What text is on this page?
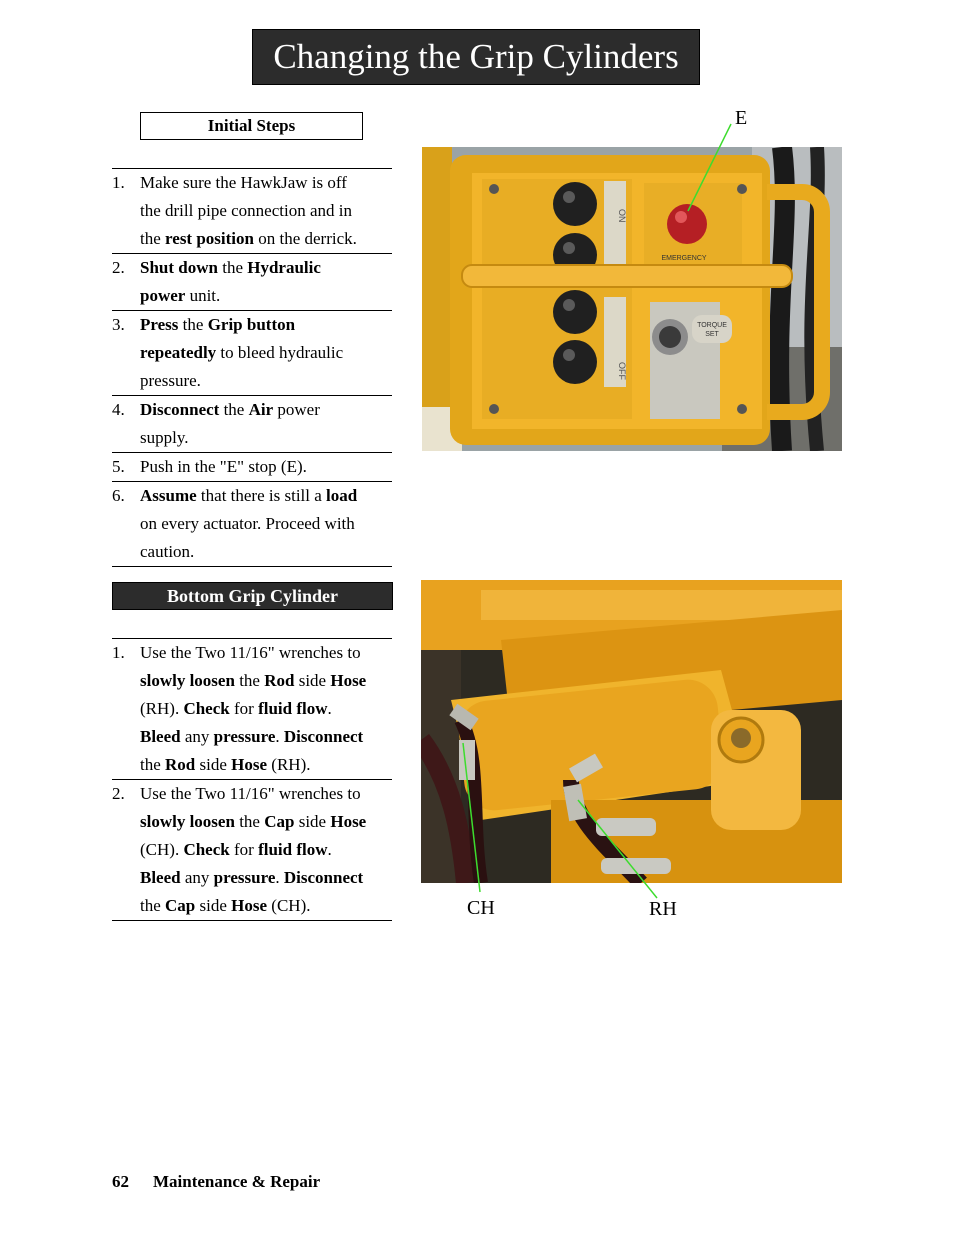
Changing the Grip Cylinders
Initial Steps
1. Make sure the HawkJaw is off
the drill pipe connection and in
the rest position on the derrick.
2. Shut down the Hydraulic
power unit.
3. Press the Grip button
repeatedly to bleed hydraulic
pressure.
4. Disconnect the Air power
supply.
5. Push in the "E" stop (E).
6. Assume that there is still a load
on every actuator. Proceed with
caution.
Bottom Grip Cylinder
1. Use the Two 11/16" wrenches to
slowly loosen the Rod side Hose
(RH). Check for fluid flow.
Bleed any pressure. Disconnect
the Rod side Hose (RH).
2. Use the Two 11/16" wrenches to
slowly loosen the Cap side Hose
(CH). Check for fluid flow.
Bleed any pressure. Disconnect
the Cap side Hose (CH).
EMERGENCY
TORQUE
SET
ON
OFF
E
CH	RH
62 Maintenance & Repair
